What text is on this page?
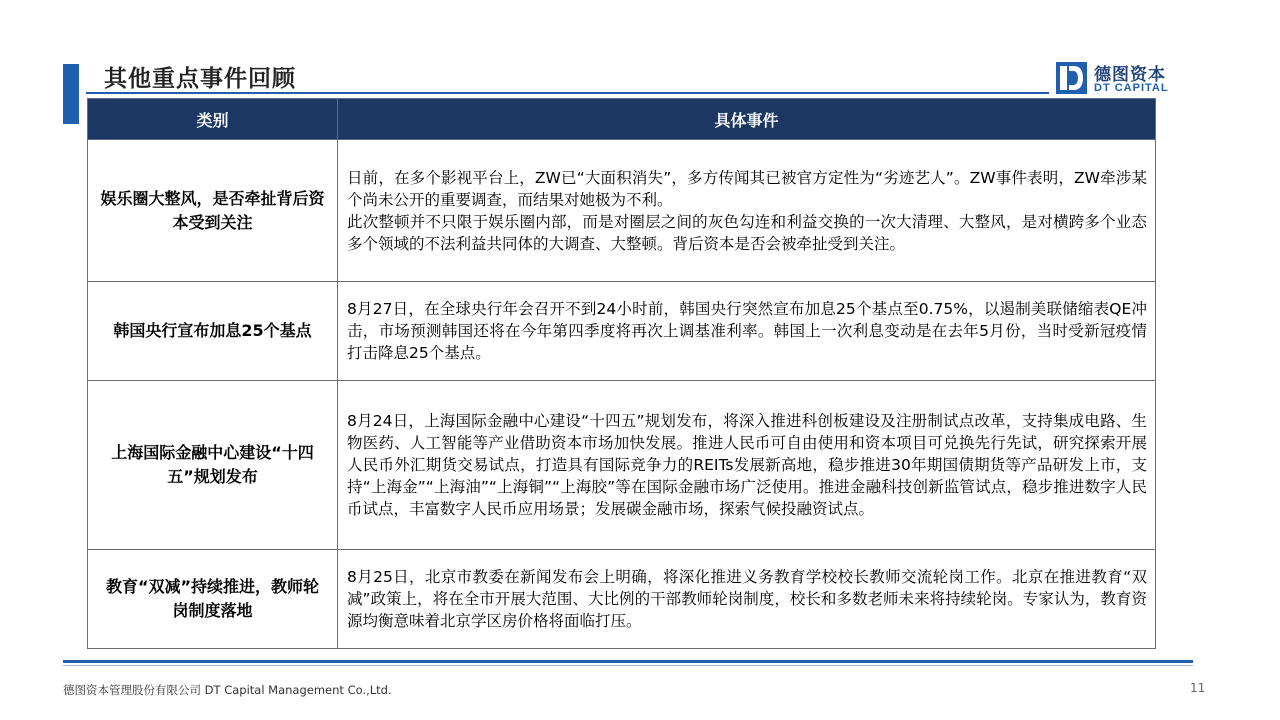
其他重点事件回顾	德图资本
DT CAPITAL
类别	具体事件
娱乐圈大整风，是否牵扯背后资本受到关注	日前，在多个影视平台上，ZW已“大面积消失”，多方传闻其已被官方定性为“劣迹艺人”。ZW事件表明，ZW牵涉某个尚未公开的重要调查，而结果对她极为不利。
此次整顿并不只限于娱乐圈内部，而是对圈层之间的灰色勾连和利益交换的一次大清理、大整风，是对横跨多个业态多个领域的不法利益共同体的大调查、大整顿。背后资本是否会被牵扯受到关注。

韩国央行宣布加息25个基点	8月27日，在全球央行年会召开不到24小时前，韩国央行突然宣布加息25个基点至0.75%，以遏制美联储缩表QE冲击，市场预测韩国还将在今年第四季度将再次上调基准利率。韩国上一次利息变动是在去年5月份，当时受新冠疫情打击降息25个基点。
上海国际金融中心建设“十四五”规划发布	8月24日，上海国际金融中心建设“十四五”规划发布，将深入推进科创板建设及注册制试点改革，支持集成电路、生物医药、人工智能等产业借助资本市场加快发展。推进人民币可自由使用和资本项目可兑换先行先试，研究探索开展人民币外汇期货交易试点，打造具有国际竞争力的REITs发展新高地，稳步推进30年期国债期货等产品研发上市，支持“上海金”“上海油”“上海铜”“上海胶”等在国际金融市场广泛使用。推进金融科技创新监管试点，稳步推进数字人民币试点，丰富数字人民币应用场景；发展碳金融市场，探索气候投融资试点。
教育“双减”持续推进，教师轮岗制度落地	8月25日，北京市教委在新闻发布会上明确，将深化推进义务教育学校校长教师交流轮岗工作。北京在推进教育“双减”政策上，将在全市开展大范围、大比例的干部教师轮岗制度，校长和多数老师未来将持续轮岗。专家认为，教育资源均衡意味着北京学区房价格将面临打压。
德图资本管理股份有限公司 DT Capital Management Co.,Ltd.	11
